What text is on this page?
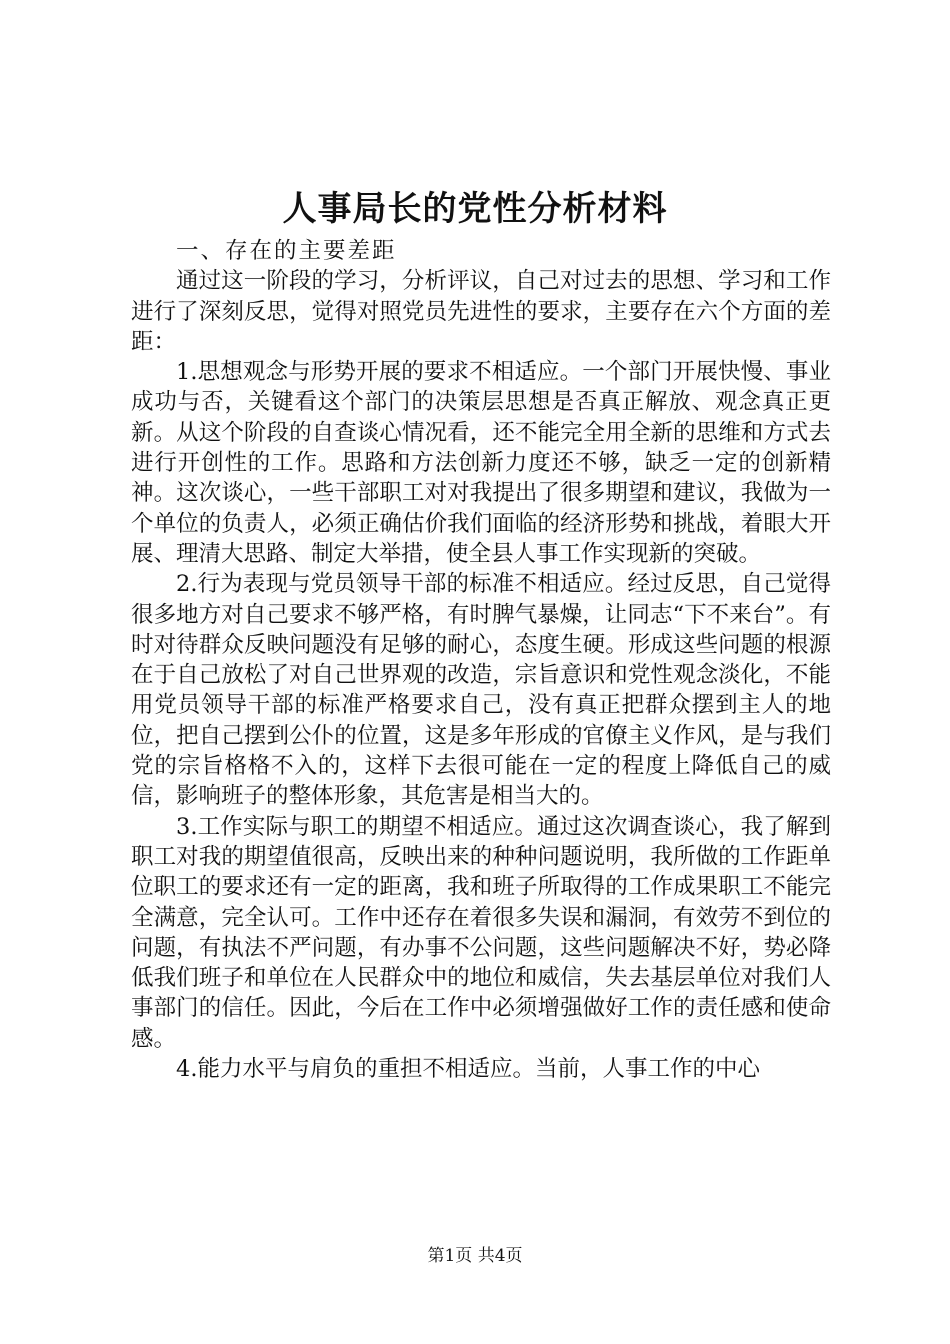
人事局长的党性分析材料

一、存在的主要差距

通过这一阶段的学习，分析评议，自己对过去的思想、学习和工作进行了深刻反思，觉得对照党员先进性的要求，主要存在六个方面的差距：

1.思想观念与形势开展的要求不相适应。一个部门开展快慢、事业成功与否，关键看这个部门的决策层思想是否真正解放、观念真正更新。从这个阶段的自查谈心情况看，还不能完全用全新的思维和方式去进行开创性的工作。思路和方法创新力度还不够，缺乏一定的创新精神。这次谈心，一些干部职工对对我提出了很多期望和建议，我做为一个单位的负责人，必须正确估价我们面临的经济形势和挑战，着眼大开展、理清大思路、制定大举措，使全县人事工作实现新的突破。

2.行为表现与党员领导干部的标准不相适应。经过反思，自己觉得很多地方对自己要求不够严格，有时脾气暴燥，让同志“下不来台”。有时对待群众反映问题没有足够的耐心，态度生硬。形成这些问题的根源在于自己放松了对自己世界观的改造，宗旨意识和党性观念淡化，不能用党员领导干部的标准严格要求自己，没有真正把群众摆到主人的地位，把自己摆到公仆的位置，这是多年形成的官僚主义作风，是与我们党的宗旨格格不入的，这样下去很可能在一定的程度上降低自己的威信，影响班子的整体形象，其危害是相当大的。

3.工作实际与职工的期望不相适应。通过这次调查谈心，我了解到职工对我的期望值很高，反映出来的种种问题说明，我所做的工作距单位职工的要求还有一定的距离，我和班子所取得的工作成果职工不能完全满意，完全认可。工作中还存在着很多失误和漏洞，有效劳不到位的问题，有执法不严问题，有办事不公问题，这些问题解决不好，势必降低我们班子和单位在人民群众中的地位和威信，失去基层单位对我们人事部门的信任。因此，今后在工作中必须增强做好工作的责任感和使命感。

4.能力水平与肩负的重担不相适应。当前，人事工作的中心

第1页 共4页
